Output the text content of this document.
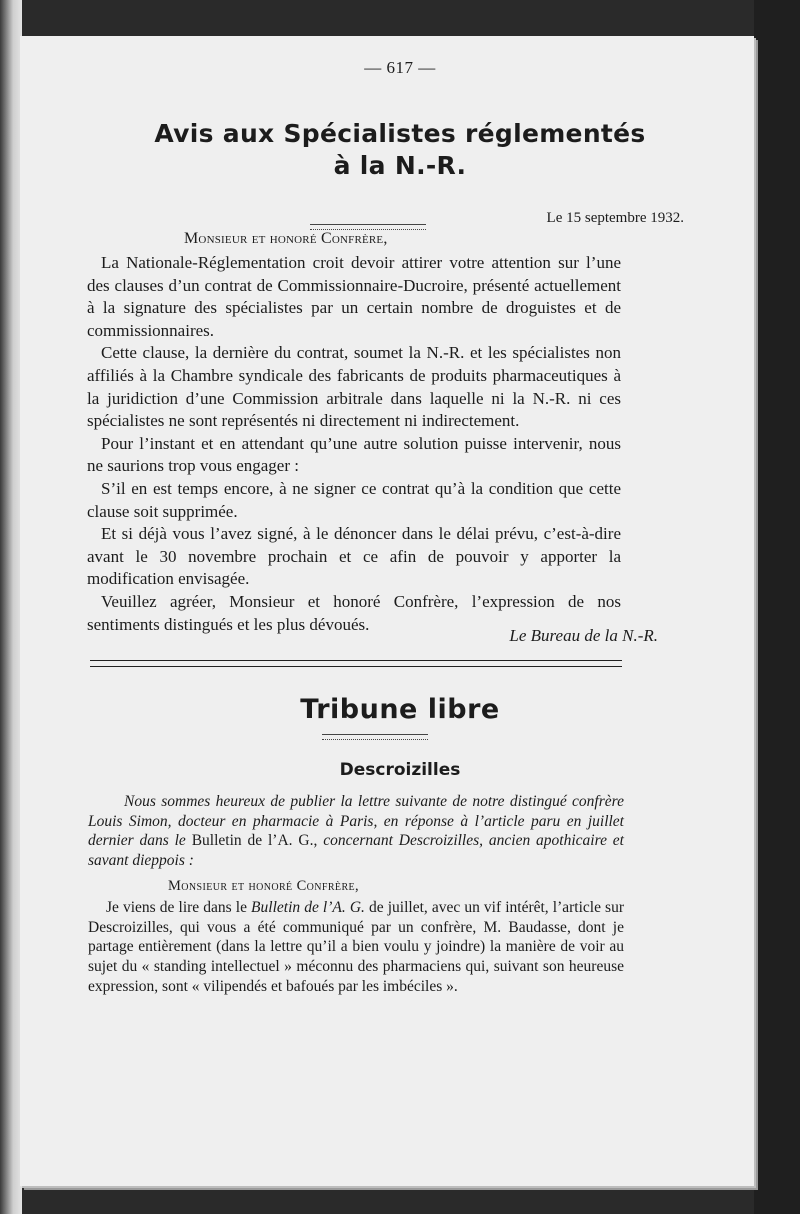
— 617 —
Avis aux Spécialistes réglementés
à la N.-R.
Le 15 septembre 1932.
Monsieur et honoré Confrère,

La Nationale-Réglementation croit devoir attirer votre attention sur l’une des clauses d’un contrat de Commissionnaire-Ducroire, présenté actuellement à la signature des spécialistes par un certain nombre de droguistes et de commissionnaires.

Cette clause, la dernière du contrat, soumet la N.-R. et les spécialistes non affiliés à la Chambre syndicale des fabricants de produits pharmaceutiques à la juridiction d’une Commission arbitrale dans laquelle ni la N.-R. ni ces spécialistes ne sont représentés ni directement ni indirectement.

Pour l’instant et en attendant qu’une autre solution puisse intervenir, nous ne saurions trop vous engager :

S’il en est temps encore, à ne signer ce contrat qu’à la condition que cette clause soit supprimée.

Et si déjà vous l’avez signé, à le dénoncer dans le délai prévu, c’est-à-dire avant le 30 novembre prochain et ce afin de pouvoir y apporter la modification envisagée.

Veuillez agréer, Monsieur et honoré Confrère, l’expression de nos sentiments distingués et les plus dévoués.

Le Bureau de la N.-R.
Tribune libre
Descroizilles
Nous sommes heureux de publier la lettre suivante de notre distingué confrère Louis Simon, docteur en pharmacie à Paris, en réponse à l’article paru en juillet dernier dans le Bulletin de l’A. G., concernant Descroizilles, ancien apothicaire et savant dieppois :
Monsieur et honoré Confrère,
Je viens de lire dans le Bulletin de l’A. G. de juillet, avec un vif intérêt, l’article sur Descroizilles, qui vous a été communiqué par un confrère, M. Baudasse, dont je partage entièrement (dans la lettre qu’il a bien voulu y joindre) la manière de voir au sujet du « standing intellectuel » méconnu des pharmaciens qui, suivant son heureuse expression, sont « vilipendés et bafoués par les imbéciles ».
